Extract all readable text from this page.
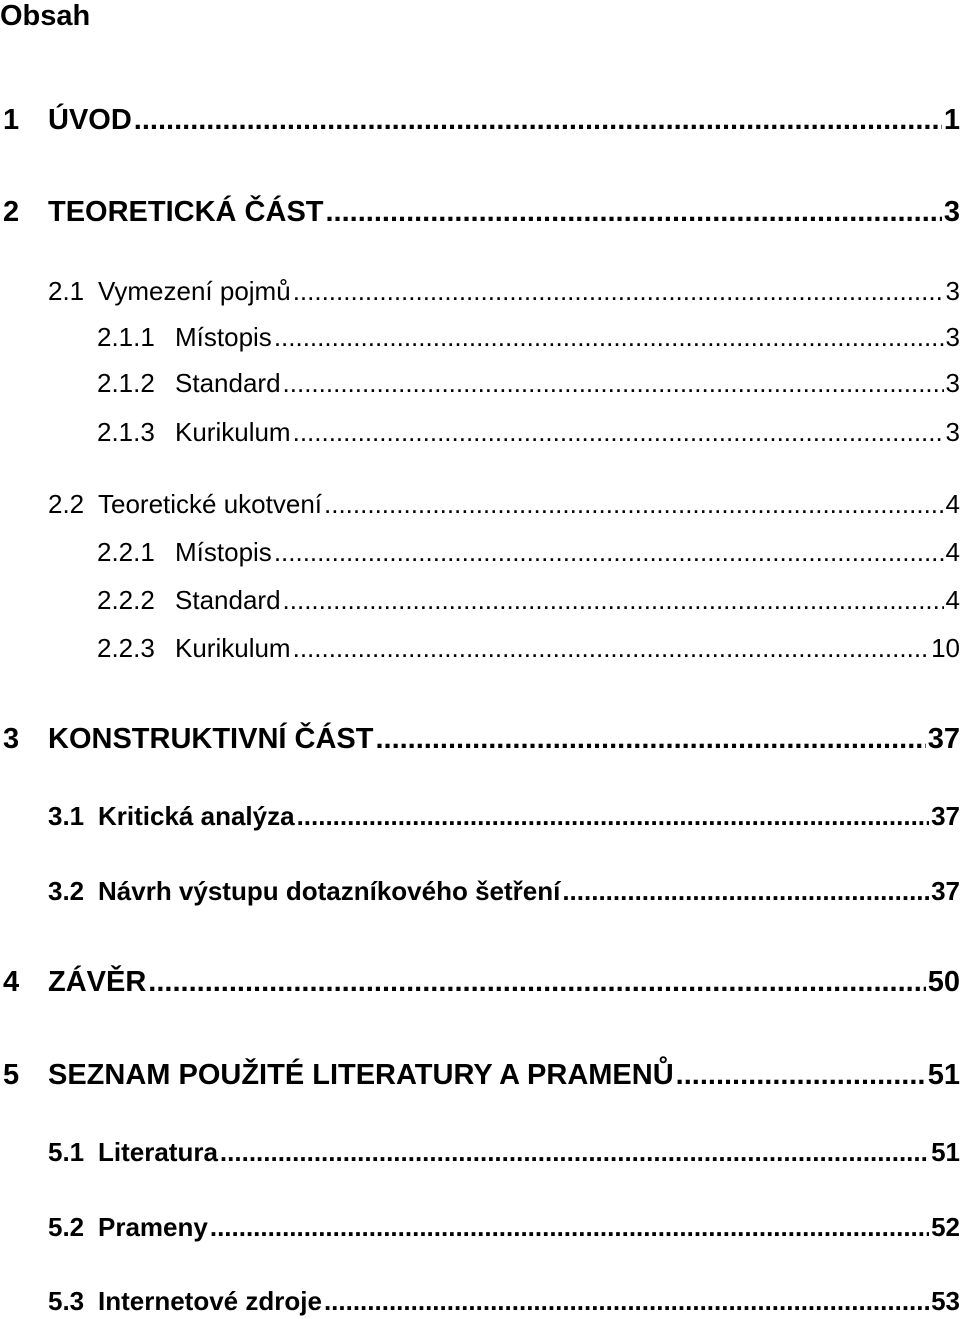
Obsah
1 ÚVOD .....	1
2 TEORETICKÁ ČÁST .....	3
2.1 Vymezení pojmů .....	3
2.1.1 Místopis .....	3
2.1.2 Standard .....	3
2.1.3 Kurikulum .....	3
2.2 Teoretické ukotvení .....	4
2.2.1 Místopis .....	4
2.2.2 Standard .....	4
2.2.3 Kurikulum .....	10
3 KONSTRUKTIVNÍ ČÁST .....	37
3.1 Kritická analýza .....	37
3.2 Návrh výstupu dotazníkového šetření .....	37
4 ZÁVĚR .....	50
5 SEZNAM POUŽITÉ LITERATURY A PRAMENŮ .....	51
5.1 Literatura .....	51
5.2 Prameny .....	52
5.3 Internetové zdroje .....	53
